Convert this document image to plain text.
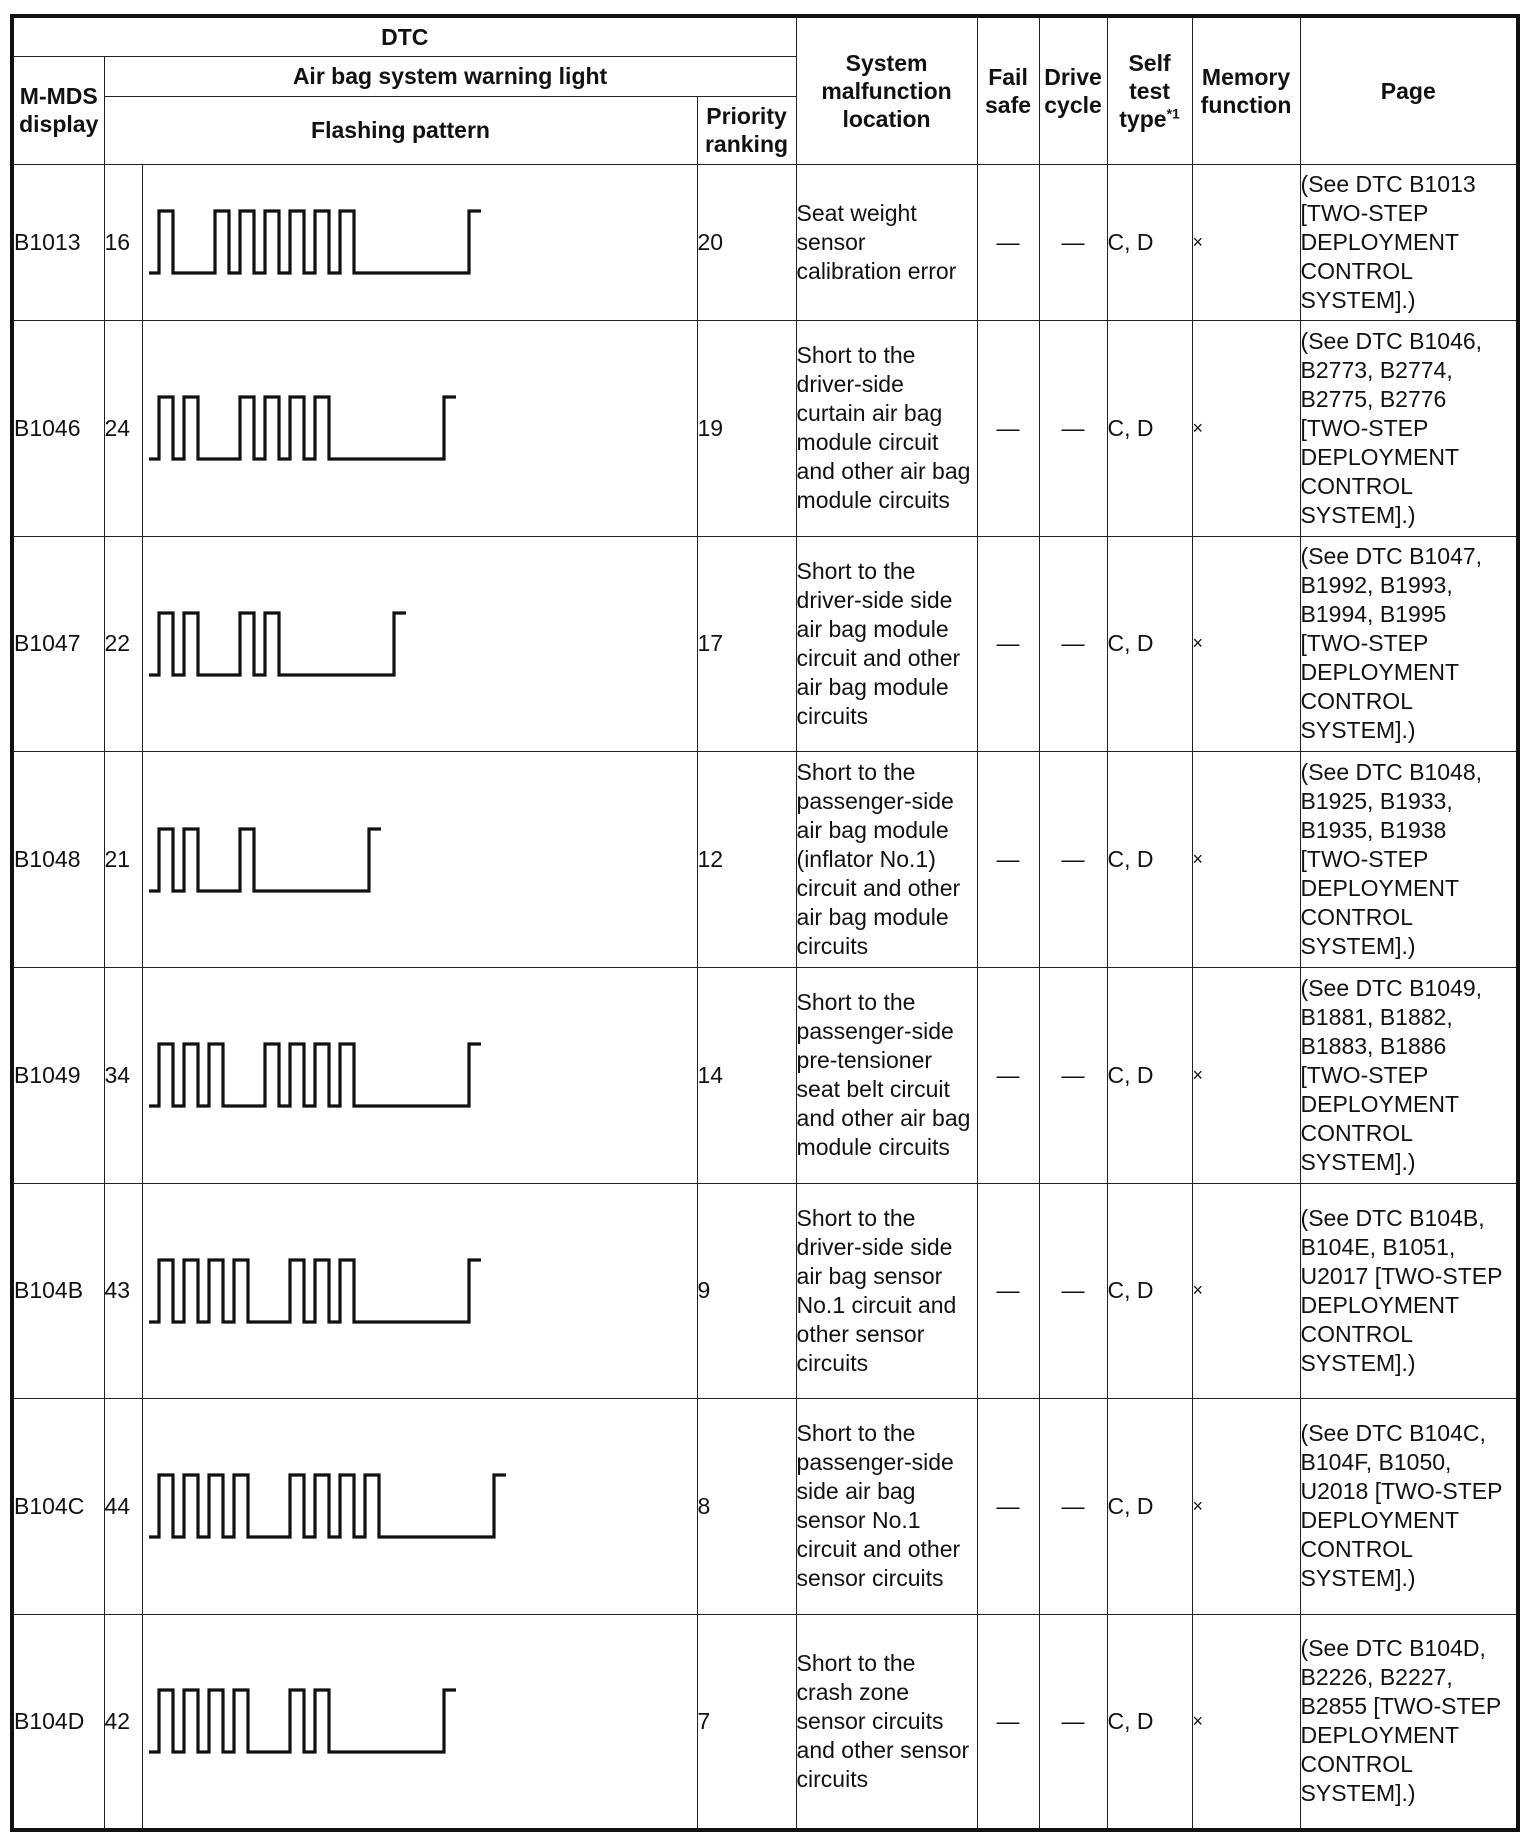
DTC				System malfunction location	Fail safe	Drive cycle	Self test type$^{*1}$	Memory function	Page
M-MDS display	Air bag system warning light								
	Flashing pattern		Priority ranking						
B1013	16		20	Seat weight sensor calibration error	—	—	C, D	×	(See DTC B1013 [TWO-STEP DEPLOYMENT CONTROL SYSTEM].)
B1046	24		19	Short to the driver-side curtain air bag module circuit and other air bag module circuits	—	—	C, D	×	(See DTC B1046, B2773, B2774, B2775, B2776 [TWO-STEP DEPLOYMENT CONTROL SYSTEM].)
B1047	22		17	Short to the driver-side side air bag module circuit and other air bag module circuits	—	—	C, D	×	(See DTC B1047, B1992, B1993, B1994, B1995 [TWO-STEP DEPLOYMENT CONTROL SYSTEM].)
B1048	21		12	Short to the passenger-side air bag module (inflator No.1) circuit and other air bag module circuits	—	—	C, D	×	(See DTC B1048, B1925, B1933, B1935, B1938 [TWO-STEP DEPLOYMENT CONTROL SYSTEM].)
B1049	34		14	Short to the passenger-side pre-tensioner seat belt circuit and other air bag module circuits	—	—	C, D	×	(See DTC B1049, B1881, B1882, B1883, B1886 [TWO-STEP DEPLOYMENT CONTROL SYSTEM].)
B104B	43		9	Short to the driver-side side air bag sensor No.1 circuit and other sensor circuits	—	—	C, D	×	(See DTC B104B, B104E, B1051, U2017 [TWO-STEP DEPLOYMENT CONTROL SYSTEM].)
B104C	44		8	Short to the passenger-side side air bag sensor No.1 circuit and other sensor circuits	—	—	C, D	×	(See DTC B104C, B104F, B1050, U2018 [TWO-STEP DEPLOYMENT CONTROL SYSTEM].)
B104D	42		7	Short to the crash zone sensor circuits and other sensor circuits	—	—	C, D	×	(See DTC B104D, B2226, B2227, B2855 [TWO-STEP DEPLOYMENT CONTROL SYSTEM].)
